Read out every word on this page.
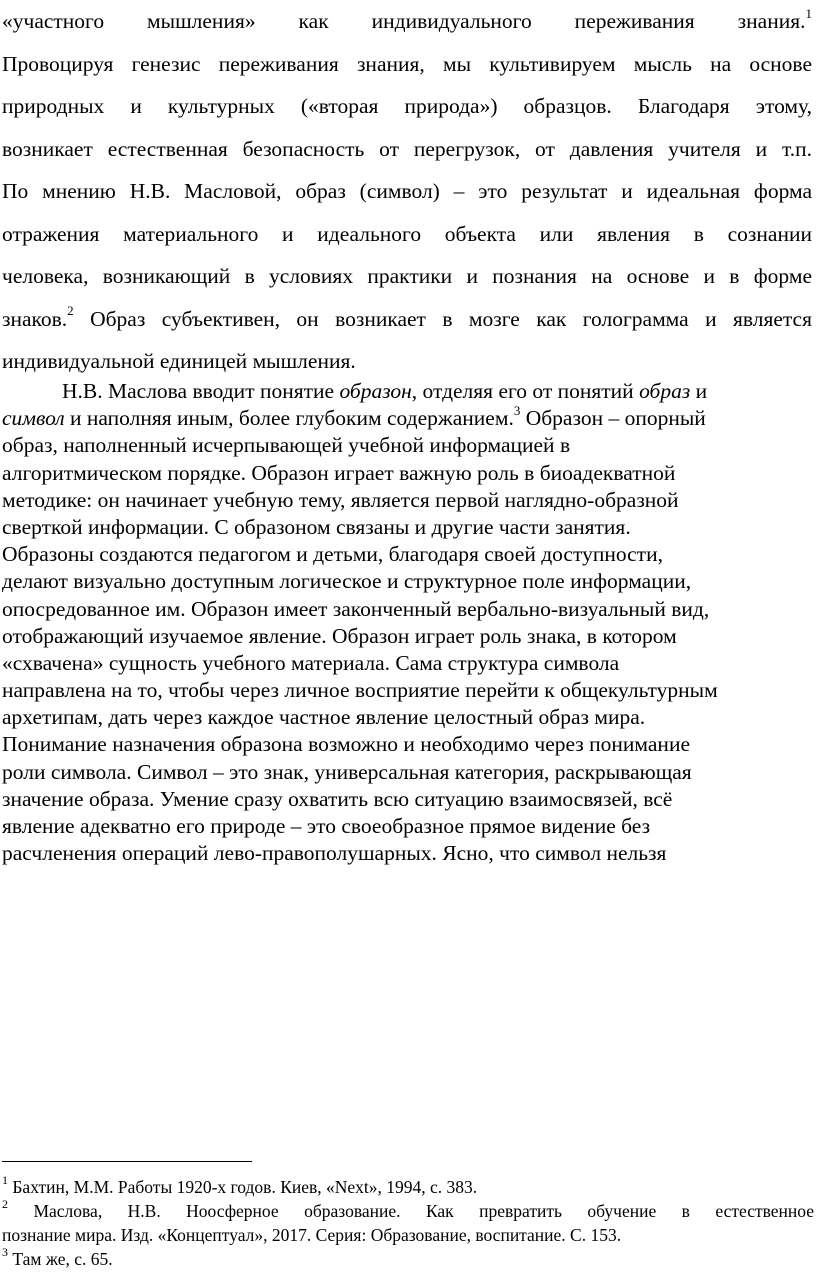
«участного мышления» как индивидуального переживания знания.$^1$
Провоцируя генезис переживания знания, мы культивируем мысль на основе
природных и культурных («вторая природа») образцов. Благодаря этому,
возникает естественная безопасность от перегрузок, от давления учителя и т.п.
По мнению Н.В. Масловой, образ (символ) – это результат и идеальная форма
отражения материального и идеального объекта или явления в сознании
человека, возникающий в условиях практики и познания на основе и в форме
знаков.$^2$ Образ субъективен, он возникает в мозге как голограмма и является
индивидуальной единицей мышления.
Н.В. Маслова вводит понятие образон, отделяя его от понятий образ и
символ и наполняя иным, более глубоким содержанием.$^3$ Образон – опорный
образ, наполненный исчерпывающей учебной информацией в
алгоритмическом порядке. Образон играет важную роль в биоадекватной
методике: он начинает учебную тему, является первой наглядно-образной
сверткой информации. С образоном связаны и другие части занятия.
Образоны создаются педагогом и детьми, благодаря своей доступности,
делают визуально доступным логическое и структурное поле информации,
опосредованное им. Образон имеет законченный вербально-визуальный вид,
отображающий изучаемое явление. Образон играет роль знака, в котором
«схвачена» сущность учебного материала. Сама структура символа
направлена на то, чтобы через личное восприятие перейти к общекультурным
архетипам, дать через каждое частное явление целостный образ мира.
Понимание назначения образона возможно и необходимо через понимание
роли символа. Символ – это знак, универсальная категория, раскрывающая
значение образа. Умение сразу охватить всю ситуацию взаимосвязей, всё
явление адекватно его природе – это своеобразное прямое видение без
расчленения операций лево-правополушарных. Ясно, что символ нельзя
$^1$ Бахтин, М.М. Работы 1920-х годов. Киев, «Next», 1994, с. 383.
$^2$ Маслова, Н.В. Ноосферное образование. Как превратить обучение в естественное
познание мира. Изд. «Концептуал», 2017. Серия: Образование, воспитание. С. 153.
$^3$ Там же, с. 65.
